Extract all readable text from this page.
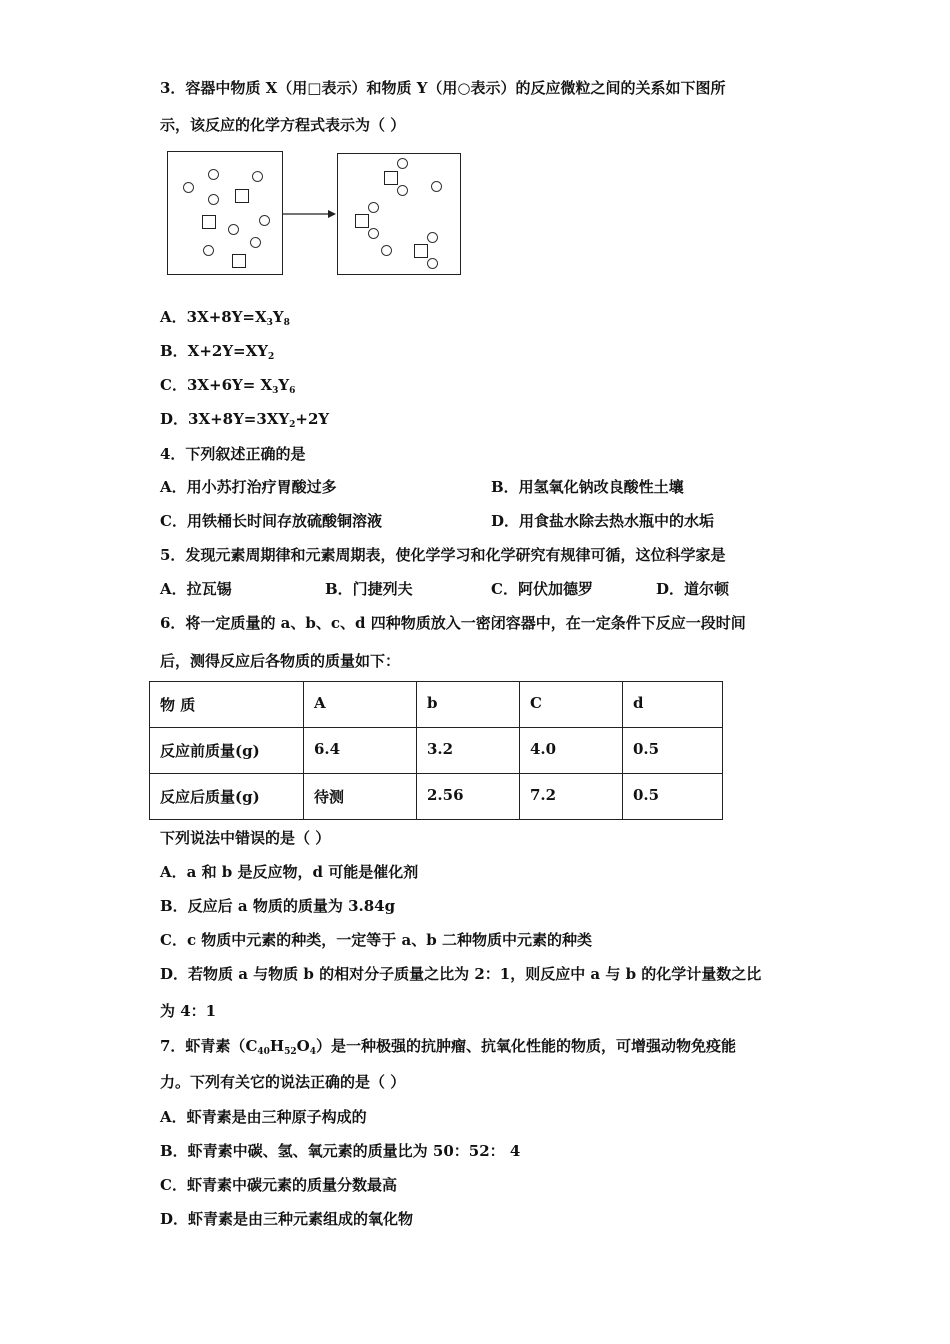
3．容器中物质 X（用□表示）和物质 Y（用○表示）的反应微粒之间的关系如下图所
示，该反应的化学方程式表示为（ ）
A．$3X+8Y=X_3Y_8$
B．$X+2Y=XY_2$
C．$3X+6Y= X_3Y_6$
D．$3X+8Y=3XY_2+2Y$
4．下列叙述正确的是
A．用小苏打治疗胃酸过多	B．用氢氧化钠改良酸性土壤
C．用铁桶长时间存放硫酸铜溶液	D．用食盐水除去热水瓶中的水垢
5．发现元素周期律和元素周期表，使化学学习和化学研究有规律可循，这位科学家是
A．拉瓦锡	B．门捷列夫	C．阿伏加德罗	D．道尔顿
6．将一定质量的 a、b、c、d 四种物质放入一密闭容器中，在一定条件下反应一段时间
后，测得反应后各物质的质量如下：
物 质	A	b	C	d
反应前质量(g)	6.4	3.2	4.0	0.5
反应后质量(g)	待测	2.56	7.2	0.5
下列说法中错误的是（ ）
A．a 和 b 是反应物，d 可能是催化剂
B．反应后 a 物质的质量为 3.84g
C．c 物质中元素的种类，一定等于 a、b 二种物质中元素的种类
D．若物质 a 与物质 b 的相对分子质量之比为 2：1，则反应中 a 与 b 的化学计量数之比
为 4：1
7．虾青素$(C_{40}H_{52}O_4)$是一种极强的抗肿瘤、抗氧化性能的物质，可增强动物免疫能
力。下列有关它的说法正确的是（ ）
A．虾青素是由三种原子构成的
B．虾青素中碳、氢、氧元素的质量比为 50：52： 4
C．虾青素中碳元素的质量分数最高
D．虾青素是由三种元素组成的氧化物
